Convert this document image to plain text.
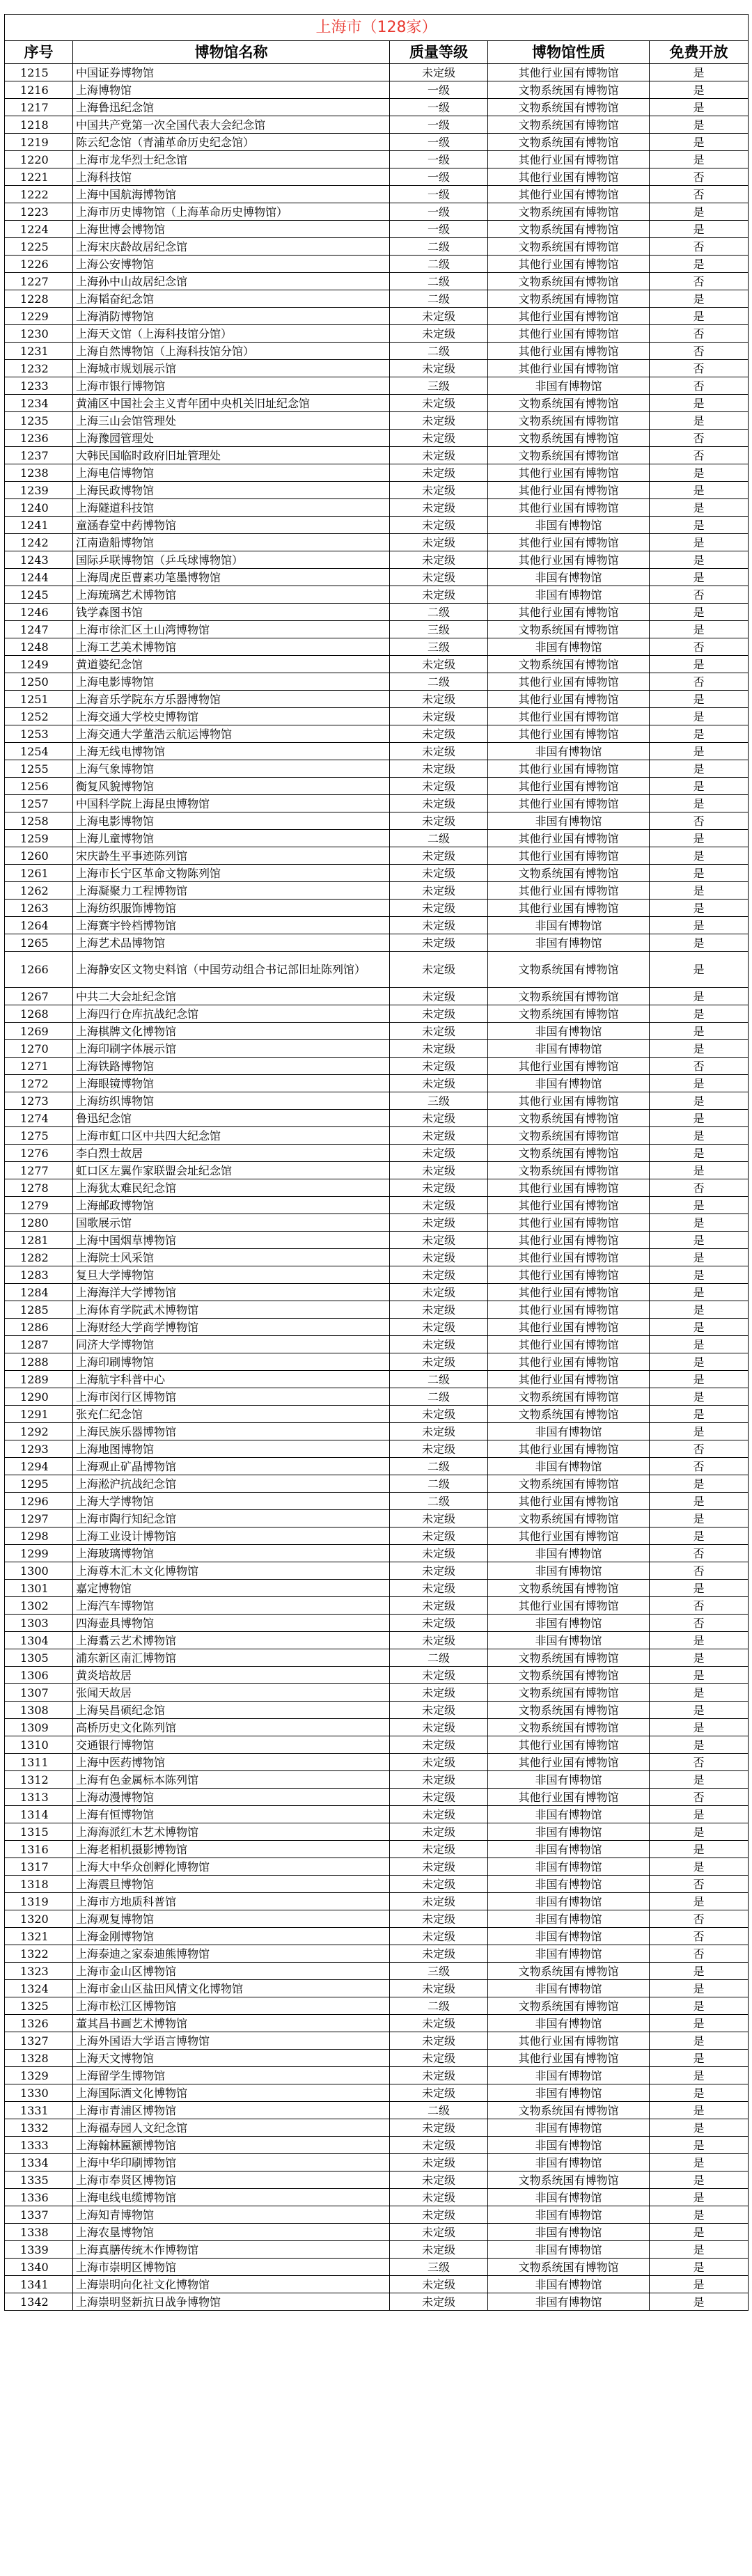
上海市（128家）				
序号	博物馆名称	质量等级	博物馆性质	免费开放
1215	中国证券博物馆	未定级	其他行业国有博物馆	是
1216	上海博物馆	一级	文物系统国有博物馆	是
1217	上海鲁迅纪念馆	一级	文物系统国有博物馆	是
1218	中国共产党第一次全国代表大会纪念馆	一级	文物系统国有博物馆	是
1219	陈云纪念馆（青浦革命历史纪念馆）	一级	文物系统国有博物馆	是
1220	上海市龙华烈士纪念馆	一级	其他行业国有博物馆	是
1221	上海科技馆	一级	其他行业国有博物馆	否
1222	上海中国航海博物馆	一级	其他行业国有博物馆	否
1223	上海市历史博物馆（上海革命历史博物馆）	一级	文物系统国有博物馆	是
1224	上海世博会博物馆	一级	文物系统国有博物馆	是
1225	上海宋庆龄故居纪念馆	二级	文物系统国有博物馆	否
1226	上海公安博物馆	二级	其他行业国有博物馆	是
1227	上海孙中山故居纪念馆	二级	文物系统国有博物馆	否
1228	上海韬奋纪念馆	二级	文物系统国有博物馆	是
1229	上海消防博物馆	未定级	其他行业国有博物馆	是
1230	上海天文馆（上海科技馆分馆）	未定级	其他行业国有博物馆	否
1231	上海自然博物馆（上海科技馆分馆）	二级	其他行业国有博物馆	否
1232	上海城市规划展示馆	未定级	其他行业国有博物馆	否
1233	上海市银行博物馆	三级	非国有博物馆	否
1234	黄浦区中国社会主义青年团中央机关旧址纪念馆	未定级	文物系统国有博物馆	是
1235	上海三山会馆管理处	未定级	文物系统国有博物馆	是
1236	上海豫园管理处	未定级	文物系统国有博物馆	否
1237	大韩民国临时政府旧址管理处	未定级	文物系统国有博物馆	否
1238	上海电信博物馆	未定级	其他行业国有博物馆	是
1239	上海民政博物馆	未定级	其他行业国有博物馆	是
1240	上海隧道科技馆	未定级	其他行业国有博物馆	是
1241	童涵春堂中药博物馆	未定级	非国有博物馆	是
1242	江南造船博物馆	未定级	其他行业国有博物馆	是
1243	国际乒联博物馆（乒乓球博物馆）	未定级	其他行业国有博物馆	是
1244	上海周虎臣曹素功笔墨博物馆	未定级	非国有博物馆	是
1245	上海琉璃艺术博物馆	未定级	非国有博物馆	否
1246	钱学森图书馆	二级	其他行业国有博物馆	是
1247	上海市徐汇区土山湾博物馆	三级	文物系统国有博物馆	是
1248	上海工艺美术博物馆	三级	非国有博物馆	否
1249	黄道婆纪念馆	未定级	文物系统国有博物馆	是
1250	上海电影博物馆	二级	其他行业国有博物馆	否
1251	上海音乐学院东方乐器博物馆	未定级	其他行业国有博物馆	是
1252	上海交通大学校史博物馆	未定级	其他行业国有博物馆	是
1253	上海交通大学董浩云航运博物馆	未定级	其他行业国有博物馆	是
1254	上海无线电博物馆	未定级	非国有博物馆	是
1255	上海气象博物馆	未定级	其他行业国有博物馆	是
1256	衡复风貌博物馆	未定级	其他行业国有博物馆	是
1257	中国科学院上海昆虫博物馆	未定级	其他行业国有博物馆	是
1258	上海电影博物馆	未定级	非国有博物馆	否
1259	上海儿童博物馆	二级	其他行业国有博物馆	是
1260	宋庆龄生平事迹陈列馆	未定级	其他行业国有博物馆	是
1261	上海市长宁区革命文物陈列馆	未定级	文物系统国有博物馆	是
1262	上海凝聚力工程博物馆	未定级	其他行业国有博物馆	是
1263	上海纺织服饰博物馆	未定级	其他行业国有博物馆	是
1264	上海赛宇铃档博物馆	未定级	非国有博物馆	是
1265	上海艺术品博物馆	未定级	非国有博物馆	是
1266	上海静安区文物史料馆（中国劳动组合书记部旧址陈列馆）	未定级	文物系统国有博物馆	是
1267	中共二大会址纪念馆	未定级	文物系统国有博物馆	是
1268	上海四行仓库抗战纪念馆	未定级	文物系统国有博物馆	是
1269	上海棋牌文化博物馆	未定级	非国有博物馆	是
1270	上海印刷字体展示馆	未定级	非国有博物馆	是
1271	上海铁路博物馆	未定级	其他行业国有博物馆	否
1272	上海眼镜博物馆	未定级	非国有博物馆	是
1273	上海纺织博物馆	三级	其他行业国有博物馆	是
1274	鲁迅纪念馆	未定级	文物系统国有博物馆	是
1275	上海市虹口区中共四大纪念馆	未定级	文物系统国有博物馆	是
1276	李白烈士故居	未定级	文物系统国有博物馆	是
1277	虹口区左翼作家联盟会址纪念馆	未定级	文物系统国有博物馆	是
1278	上海犹太难民纪念馆	未定级	其他行业国有博物馆	否
1279	上海邮政博物馆	未定级	其他行业国有博物馆	是
1280	国歌展示馆	未定级	其他行业国有博物馆	是
1281	上海中国烟草博物馆	未定级	其他行业国有博物馆	是
1282	上海院士风采馆	未定级	其他行业国有博物馆	是
1283	复旦大学博物馆	未定级	其他行业国有博物馆	是
1284	上海海洋大学博物馆	未定级	其他行业国有博物馆	是
1285	上海体育学院武术博物馆	未定级	其他行业国有博物馆	是
1286	上海财经大学商学博物馆	未定级	其他行业国有博物馆	是
1287	同济大学博物馆	未定级	其他行业国有博物馆	是
1288	上海印刷博物馆	未定级	其他行业国有博物馆	是
1289	上海航宇科普中心	二级	其他行业国有博物馆	是
1290	上海市闵行区博物馆	二级	文物系统国有博物馆	是
1291	张充仁纪念馆	未定级	文物系统国有博物馆	是
1292	上海民族乐器博物馆	未定级	非国有博物馆	是
1293	上海地图博物馆	未定级	其他行业国有博物馆	否
1294	上海观止矿晶博物馆	二级	非国有博物馆	否
1295	上海淞沪抗战纪念馆	二级	文物系统国有博物馆	是
1296	上海大学博物馆	二级	其他行业国有博物馆	是
1297	上海市陶行知纪念馆	未定级	文物系统国有博物馆	是
1298	上海工业设计博物馆	未定级	其他行业国有博物馆	是
1299	上海玻璃博物馆	未定级	非国有博物馆	否
1300	上海尊木汇木文化博物馆	未定级	非国有博物馆	否
1301	嘉定博物馆	未定级	文物系统国有博物馆	是
1302	上海汽车博物馆	未定级	其他行业国有博物馆	否
1303	四海壶具博物馆	未定级	非国有博物馆	否
1304	上海翥云艺术博物馆	未定级	非国有博物馆	是
1305	浦东新区南汇博物馆	二级	文物系统国有博物馆	是
1306	黄炎培故居	未定级	文物系统国有博物馆	是
1307	张闻天故居	未定级	文物系统国有博物馆	是
1308	上海吴昌硕纪念馆	未定级	文物系统国有博物馆	是
1309	高桥历史文化陈列馆	未定级	文物系统国有博物馆	是
1310	交通银行博物馆	未定级	其他行业国有博物馆	是
1311	上海中医药博物馆	未定级	其他行业国有博物馆	否
1312	上海有色金属标本陈列馆	未定级	非国有博物馆	是
1313	上海动漫博物馆	未定级	其他行业国有博物馆	否
1314	上海有恒博物馆	未定级	非国有博物馆	是
1315	上海海派红木艺术博物馆	未定级	非国有博物馆	是
1316	上海老相机摄影博物馆	未定级	非国有博物馆	是
1317	上海大中华众创孵化博物馆	未定级	非国有博物馆	是
1318	上海震旦博物馆	未定级	非国有博物馆	否
1319	上海市方地质科普馆	未定级	非国有博物馆	是
1320	上海观复博物馆	未定级	非国有博物馆	否
1321	上海金刚博物馆	未定级	非国有博物馆	否
1322	上海泰迪之家泰迪熊博物馆	未定级	非国有博物馆	否
1323	上海市金山区博物馆	三级	文物系统国有博物馆	是
1324	上海市金山区盐田风情文化博物馆	未定级	非国有博物馆	是
1325	上海市松江区博物馆	二级	文物系统国有博物馆	是
1326	董其昌书画艺术博物馆	未定级	非国有博物馆	是
1327	上海外国语大学语言博物馆	未定级	其他行业国有博物馆	是
1328	上海天文博物馆	未定级	其他行业国有博物馆	是
1329	上海留学生博物馆	未定级	非国有博物馆	是
1330	上海国际酒文化博物馆	未定级	非国有博物馆	是
1331	上海市青浦区博物馆	二级	文物系统国有博物馆	是
1332	上海福寿园人文纪念馆	未定级	非国有博物馆	是
1333	上海翰林匾额博物馆	未定级	非国有博物馆	是
1334	上海中华印刷博物馆	未定级	非国有博物馆	是
1335	上海市奉贤区博物馆	未定级	文物系统国有博物馆	是
1336	上海电线电缆博物馆	未定级	非国有博物馆	是
1337	上海知青博物馆	未定级	非国有博物馆	是
1338	上海农垦博物馆	未定级	非国有博物馆	是
1339	上海真膳传统木作博物馆	未定级	非国有博物馆	是
1340	上海市崇明区博物馆	三级	文物系统国有博物馆	是
1341	上海崇明向化社文化博物馆	未定级	非国有博物馆	是
1342	上海崇明竖新抗日战争博物馆	未定级	非国有博物馆	是
